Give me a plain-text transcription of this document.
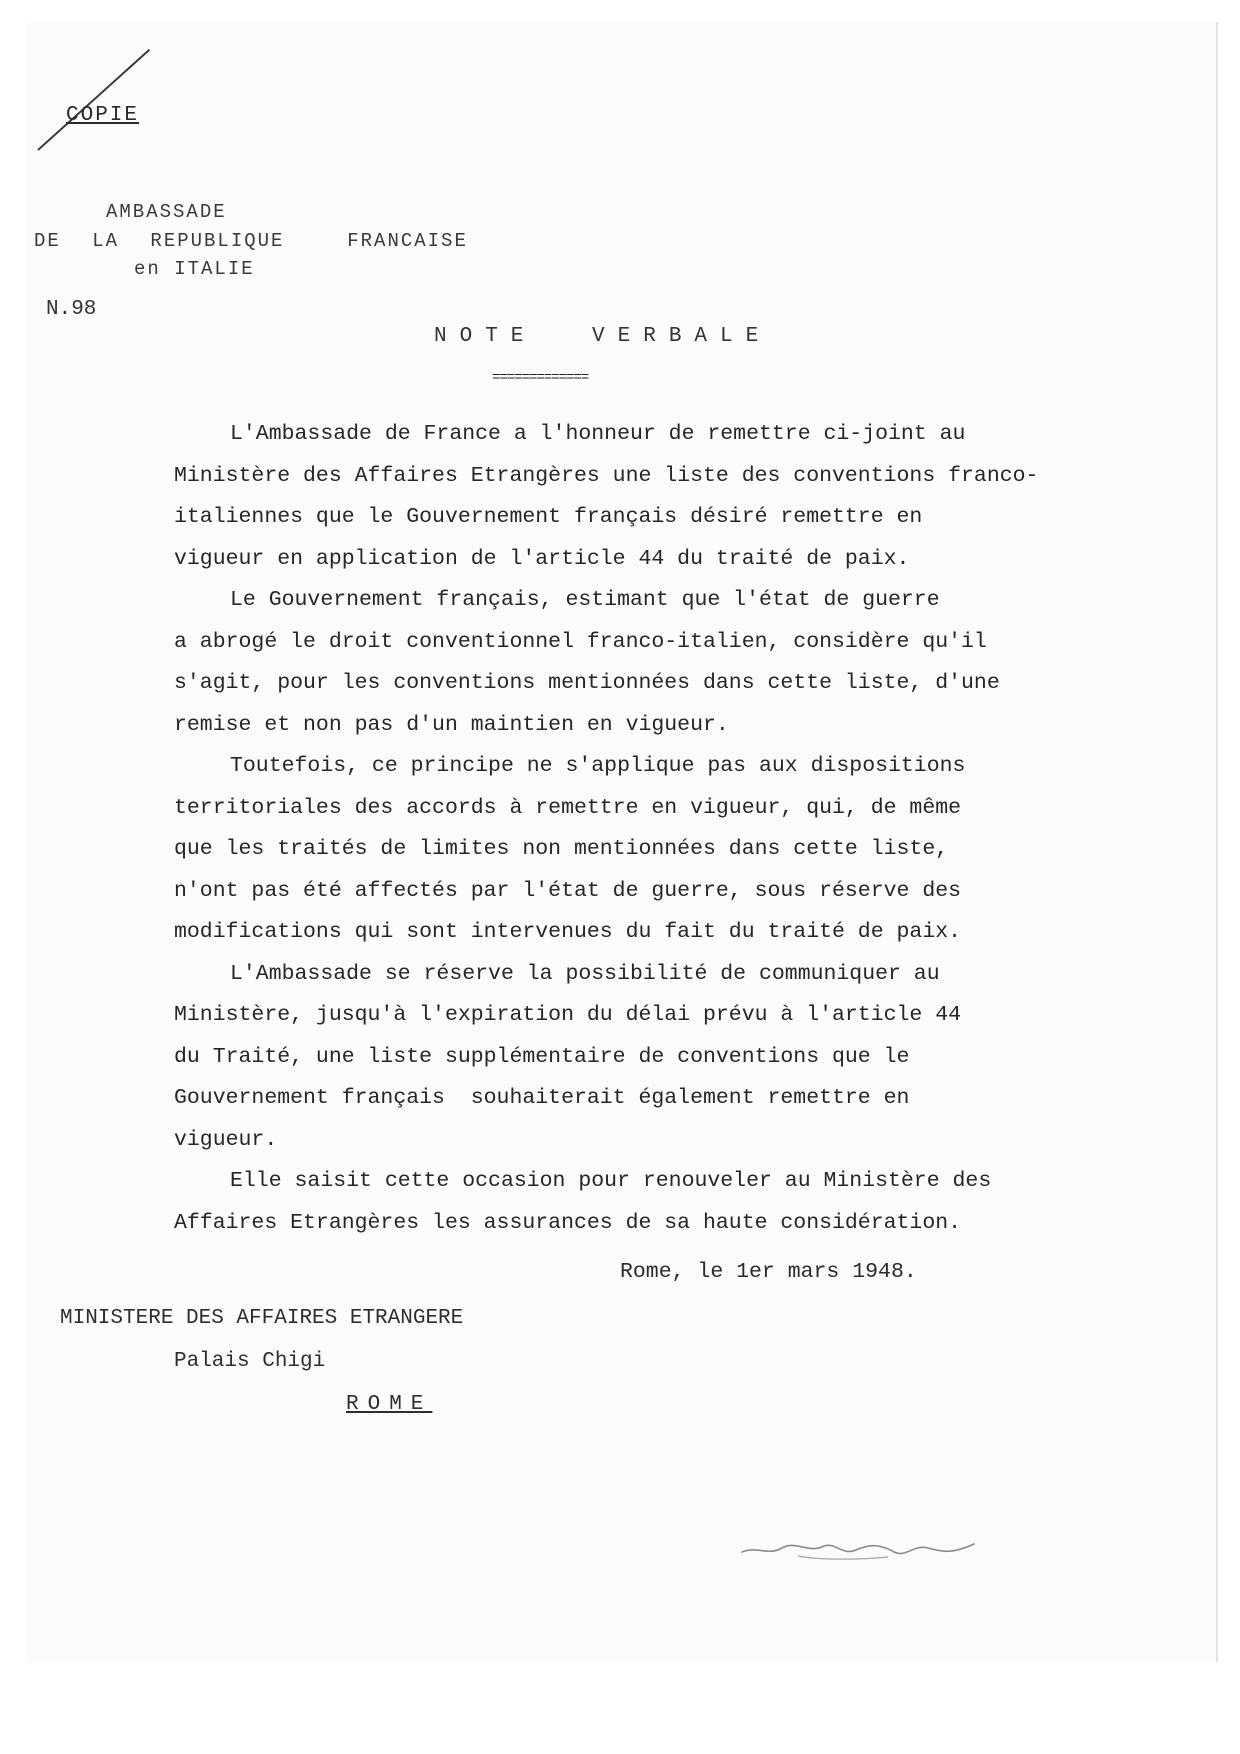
COPIE
AMBASSADE
DE LA REPUBLIQUE  FRANCAISE
en ITALIE
N.98
NOTE VERBALE
=============
L'Ambassade de France a l'honneur de remettre ci-joint au
Ministère des Affaires Etrangères une liste des conventions franco-
italiennes que le Gouvernement français désiré remettre en
vigueur en application de l'article 44 du traité de paix.
Le Gouvernement français, estimant que l'état de guerre
a abrogé le droit conventionnel franco-italien, considère qu'il
s'agit, pour les conventions mentionnées dans cette liste, d'une
remise et non pas d'un maintien en vigueur.
Toutefois, ce principe ne s'applique pas aux dispositions
territoriales des accords à remettre en vigueur, qui, de même
que les traités de limites non mentionnées dans cette liste,
n'ont pas été affectés par l'état de guerre, sous réserve des
modifications qui sont intervenues du fait du traité de paix.
L'Ambassade se réserve la possibilité de communiquer au
Ministère, jusqu'à l'expiration du délai prévu à l'article 44
du Traité, une liste supplémentaire de conventions que le
Gouvernement français  souhaiterait également remettre en
vigueur.
Elle saisit cette occasion pour renouveler au Ministère des
Affaires Etrangères les assurances de sa haute considération.
Rome, le 1er mars 1948.
MINISTERE DES AFFAIRES ETRANGERE
Palais Chigi
ROME
